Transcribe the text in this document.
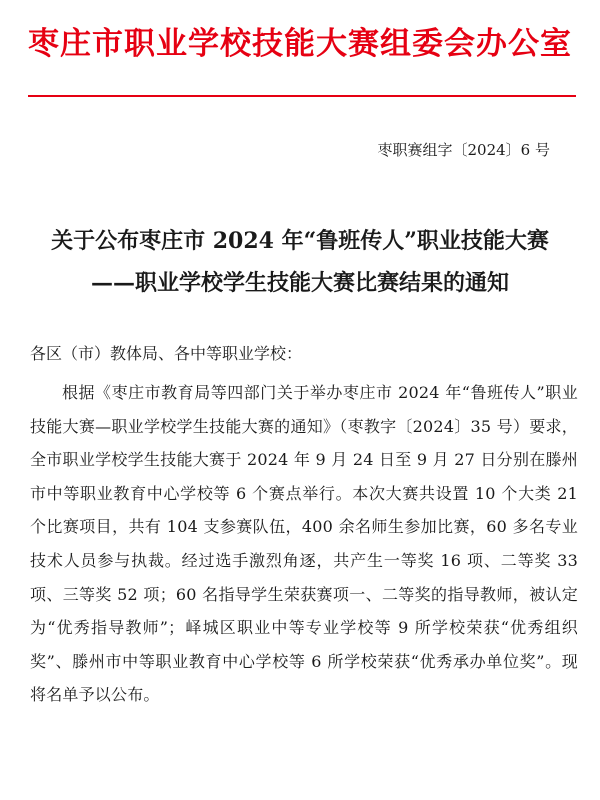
枣庄市职业学校技能大赛组委会办公室
枣职赛组字〔2024〕6 号
关于公布枣庄市 2024 年“鲁班传人”职业技能大赛
——职业学校学生技能大赛比赛结果的通知
各区（市）教体局、各中等职业学校：

根据《枣庄市教育局等四部门关于举办枣庄市 2024 年“鲁班传人”职业技能大赛—职业学校学生技能大赛的通知》（枣教字〔2024〕35 号）要求，全市职业学校学生技能大赛于 2024 年 9 月 24 日至 9 月 27 日分别在滕州市中等职业教育中心学校等 6 个赛点举行。本次大赛共设置 10 个大类 21 个比赛项目，共有 104 支参赛队伍，400 余名师生参加比赛，60 多名专业技术人员参与执裁。经过选手激烈角逐，共产生一等奖 16 项、二等奖 33 项、三等奖 52 项；60 名指导学生荣获赛项一、二等奖的指导教师，被认定为“优秀指导教师”；峄城区职业中等专业学校等 9 所学校荣获“优秀组织奖”、滕州市中等职业教育中心学校等 6 所学校荣获“优秀承办单位奖”。现将名单予以公布。
